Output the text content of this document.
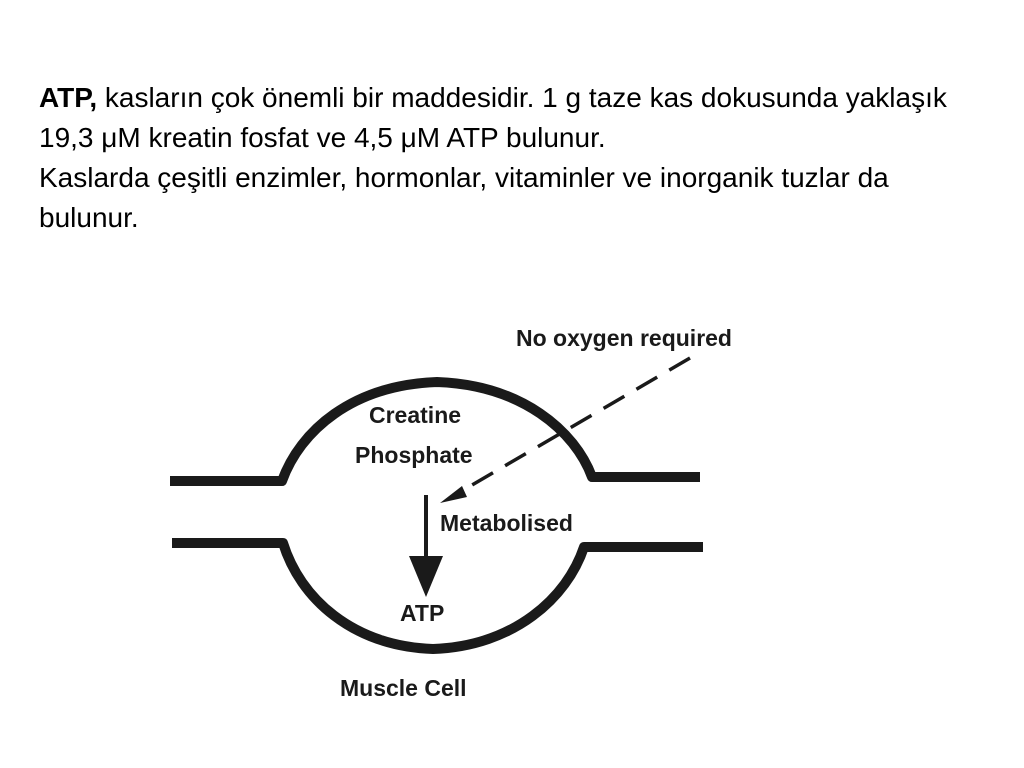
ATP, kasların çok önemli bir maddesidir. 1 g taze kas dokusunda yaklaşık 19,3 μM kreatin fosfat ve 4,5 μM ATP bulunur.

Kaslarda çeşitli enzimler, hormonlar, vitaminler ve inorganik tuzlar da bulunur.

No oxygen required
Creatine
Phosphate
Metabolised
ATP
Muscle Cell
